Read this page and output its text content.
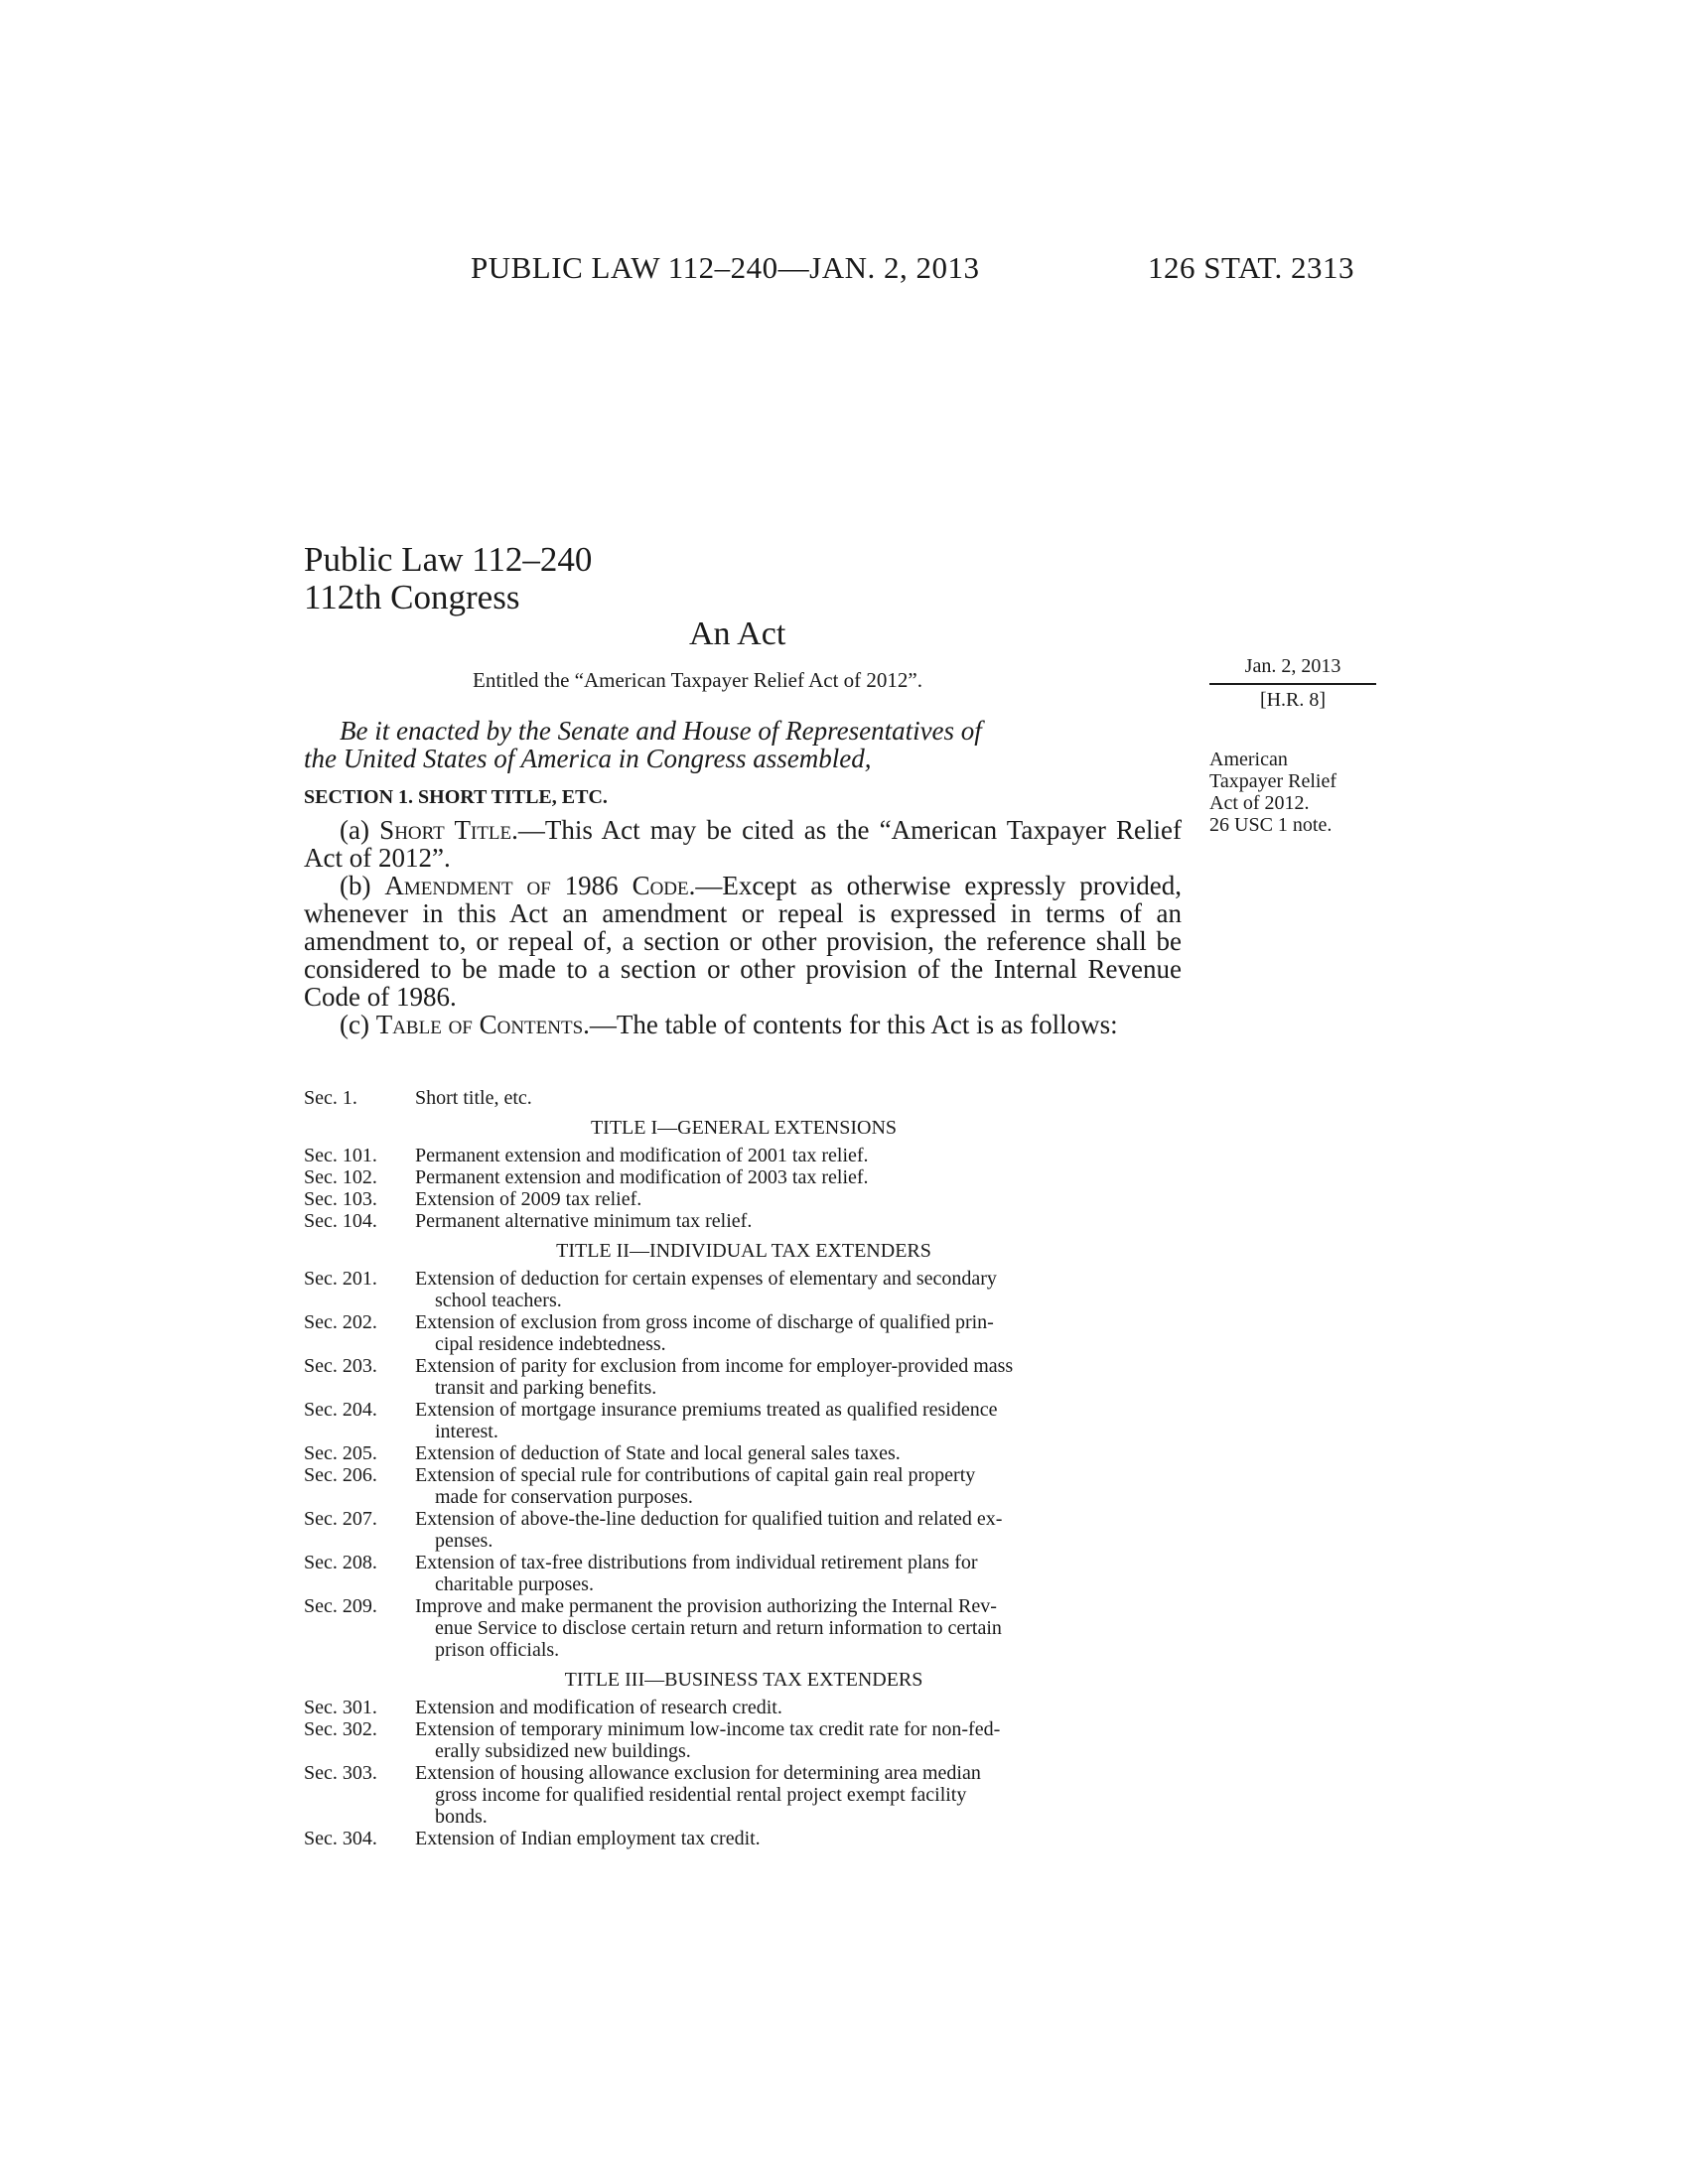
PUBLIC LAW 112–240—JAN. 2, 2013	126 STAT. 2313
Public Law 112–240
112th Congress
An Act
Entitled the “American Taxpayer Relief Act of 2012”.
Jan. 2, 2013
[H.R. 8]
American
Taxpayer Relief
Act of 2012.
26 USC 1 note.
Be it enacted by the Senate and House of Representatives of
the United States of America in Congress assembled,
SECTION 1. SHORT TITLE, ETC.
(a) Short Title.—This Act may be cited as the “American Taxpayer Relief Act of 2012”.
(b) Amendment of 1986 Code.—Except as otherwise expressly provided, whenever in this Act an amendment or repeal is expressed in terms of an amendment to, or repeal of, a section or other provision, the reference shall be considered to be made to a section or other provision of the Internal Revenue Code of 1986.
(c) Table of Contents.—The table of contents for this Act is as follows:
Sec. 1.	Short title, etc.
TITLE I—GENERAL EXTENSIONS
Sec. 101.	Permanent extension and modification of 2001 tax relief.
Sec. 102.	Permanent extension and modification of 2003 tax relief.
Sec. 103.	Extension of 2009 tax relief.
Sec. 104.	Permanent alternative minimum tax relief.
TITLE II—INDIVIDUAL TAX EXTENDERS
Sec. 201.	Extension of deduction for certain expenses of elementary and secondary
school teachers.
Sec. 202.	Extension of exclusion from gross income of discharge of qualified prin-
cipal residence indebtedness.
Sec. 203.	Extension of parity for exclusion from income for employer-provided mass
transit and parking benefits.
Sec. 204.	Extension of mortgage insurance premiums treated as qualified residence
interest.
Sec. 205.	Extension of deduction of State and local general sales taxes.
Sec. 206.	Extension of special rule for contributions of capital gain real property
made for conservation purposes.
Sec. 207.	Extension of above-the-line deduction for qualified tuition and related ex-
penses.
Sec. 208.	Extension of tax-free distributions from individual retirement plans for
charitable purposes.
Sec. 209.	Improve and make permanent the provision authorizing the Internal Rev-
enue Service to disclose certain return and return information to certain
prison officials.
TITLE III—BUSINESS TAX EXTENDERS
Sec. 301.	Extension and modification of research credit.
Sec. 302.	Extension of temporary minimum low-income tax credit rate for non-fed-
erally subsidized new buildings.
Sec. 303.	Extension of housing allowance exclusion for determining area median
gross income for qualified residential rental project exempt facility
bonds.
Sec. 304.	Extension of Indian employment tax credit.
